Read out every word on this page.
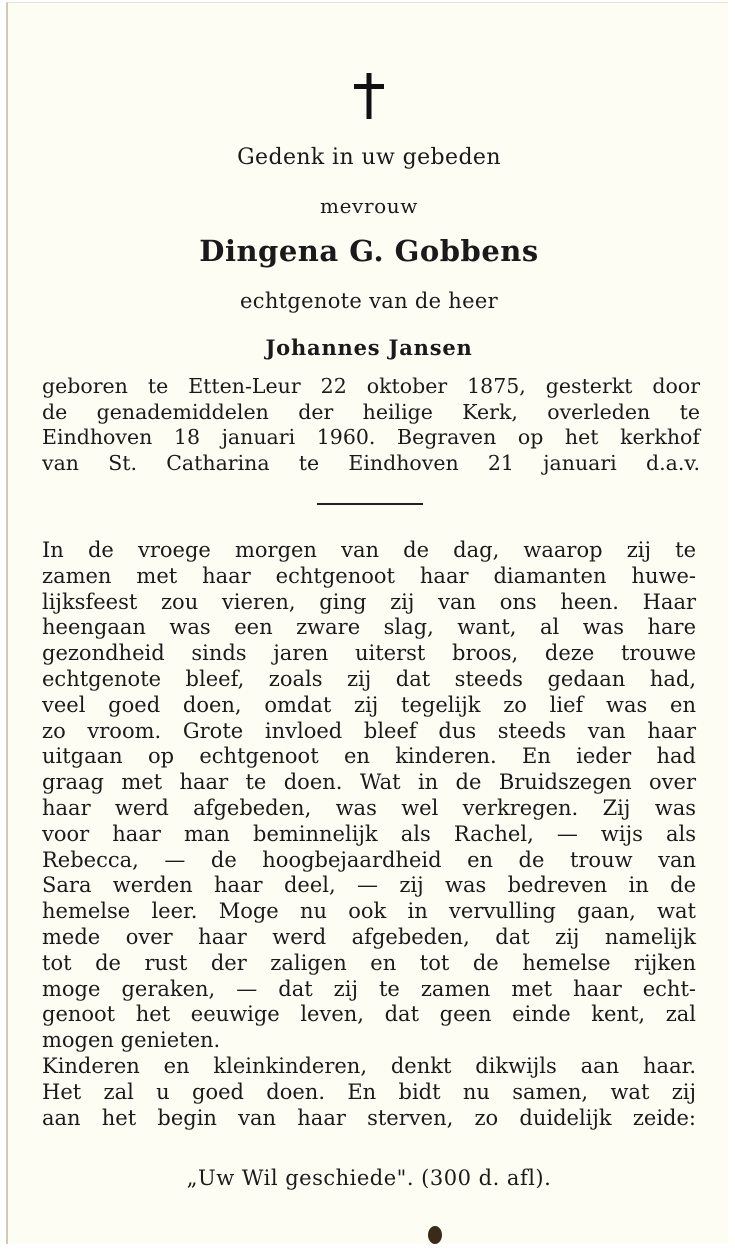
Gedenk in uw gebeden
mevrouw
Dingena G. Gobbens
echtgenote van de heer
Johannes Jansen
geboren te Etten-Leur 22 oktober 1875, gesterkt door
de genademiddelen der heilige Kerk, overleden te
Eindhoven 18 januari 1960. Begraven op het kerkhof
van St. Catharina te Eindhoven 21 januari d.a.v.
In de vroege morgen van de dag, waarop zij te
zamen met haar echtgenoot haar diamanten huwe-
lijksfeest zou vieren, ging zij van ons heen. Haar
heengaan was een zware slag, want, al was hare
gezondheid sinds jaren uiterst broos, deze trouwe
echtgenote bleef, zoals zij dat steeds gedaan had,
veel goed doen, omdat zij tegelijk zo lief was en
zo vroom. Grote invloed bleef dus steeds van haar
uitgaan op echtgenoot en kinderen. En ieder had
graag met haar te doen. Wat in de Bruidszegen over
haar werd afgebeden, was wel verkregen. Zij was
voor haar man beminnelijk als Rachel, — wijs als
Rebecca, — de hoogbejaardheid en de trouw van
Sara werden haar deel, — zij was bedreven in de
hemelse leer. Moge nu ook in vervulling gaan, wat
mede over haar werd afgebeden, dat zij namelijk
tot de rust der zaligen en tot de hemelse rijken
moge geraken, — dat zij te zamen met haar echt-
genoot het eeuwige leven, dat geen einde kent, zal
mogen genieten.
Kinderen en kleinkinderen, denkt dikwijls aan haar.
Het zal u goed doen. En bidt nu samen, wat zij
aan het begin van haar sterven, zo duidelijk zeide:
„Uw Wil geschiede". (300 d. afl).
